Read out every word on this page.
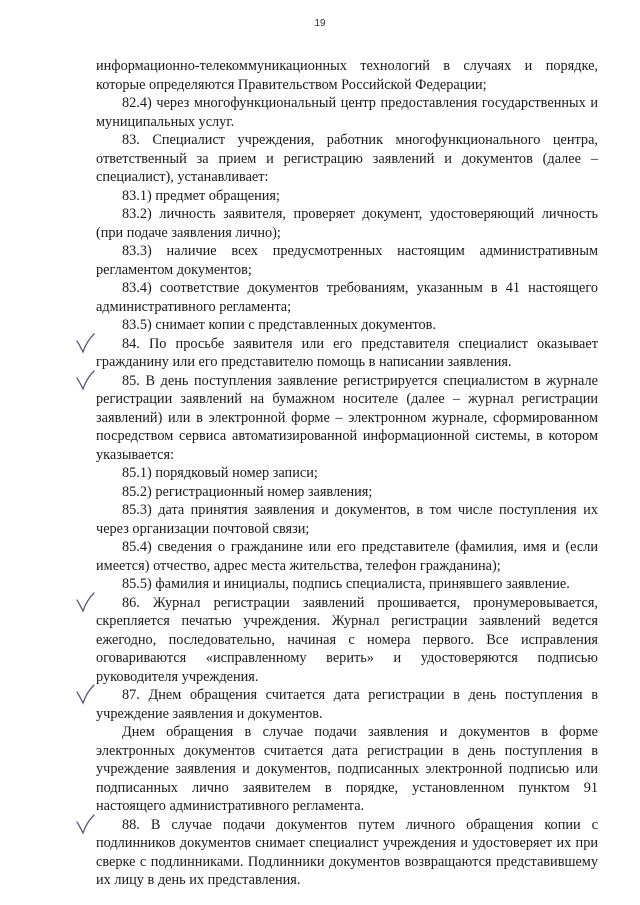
19

информационно-телекоммуникационных технологий в случаях и порядке, которые определяются Правительством Российской Федерации;

82.4) через многофункциональный центр предоставления государственных и муниципальных услуг.

83. Специалист учреждения, работник многофункционального центра, ответственный за прием и регистрацию заявлений и документов (далее – специалист), устанавливает:

83.1) предмет обращения;

83.2) личность заявителя, проверяет документ, удостоверяющий личность (при подаче заявления лично);

83.3) наличие всех предусмотренных настоящим административным регламентом документов;

83.4) соответствие документов требованиям, указанным в 41 настоящего административного регламента;

83.5) снимает копии с представленных документов.

84. По просьбе заявителя или его представителя специалист оказывает гражданину или его представителю помощь в написании заявления.

85. В день поступления заявление регистрируется специалистом в журнале регистрации заявлений на бумажном носителе (далее – журнал регистрации заявлений) или в электронной форме – электронном журнале, сформированном посредством сервиса автоматизированной информационной системы, в котором указывается:

85.1) порядковый номер записи;

85.2) регистрационный номер заявления;

85.3) дата принятия заявления и документов, в том числе поступления их через организации почтовой связи;

85.4) сведения о гражданине или его представителе (фамилия, имя и (если имеется) отчество, адрес места жительства, телефон гражданина);

85.5) фамилия и инициалы, подпись специалиста, принявшего заявление.

86. Журнал регистрации заявлений прошивается, пронумеровывается, скрепляется печатью учреждения. Журнал регистрации заявлений ведется ежегодно, последовательно, начиная с номера первого. Все исправления оговариваются «исправленному верить» и удостоверяются подписью руководителя учреждения.

87. Днем обращения считается дата регистрации в день поступления в учреждение заявления и документов.

Днем обращения в случае подачи заявления и документов в форме электронных документов считается дата регистрации в день поступления в учреждение заявления и документов, подписанных электронной подписью или подписанных лично заявителем в порядке, установленном пунктом 91 настоящего административного регламента.

88. В случае подачи документов путем личного обращения копии с подлинников документов снимает специалист учреждения и удостоверяет их при сверке с подлинниками. Подлинники документов возвращаются представившему их лицу в день их представления.
